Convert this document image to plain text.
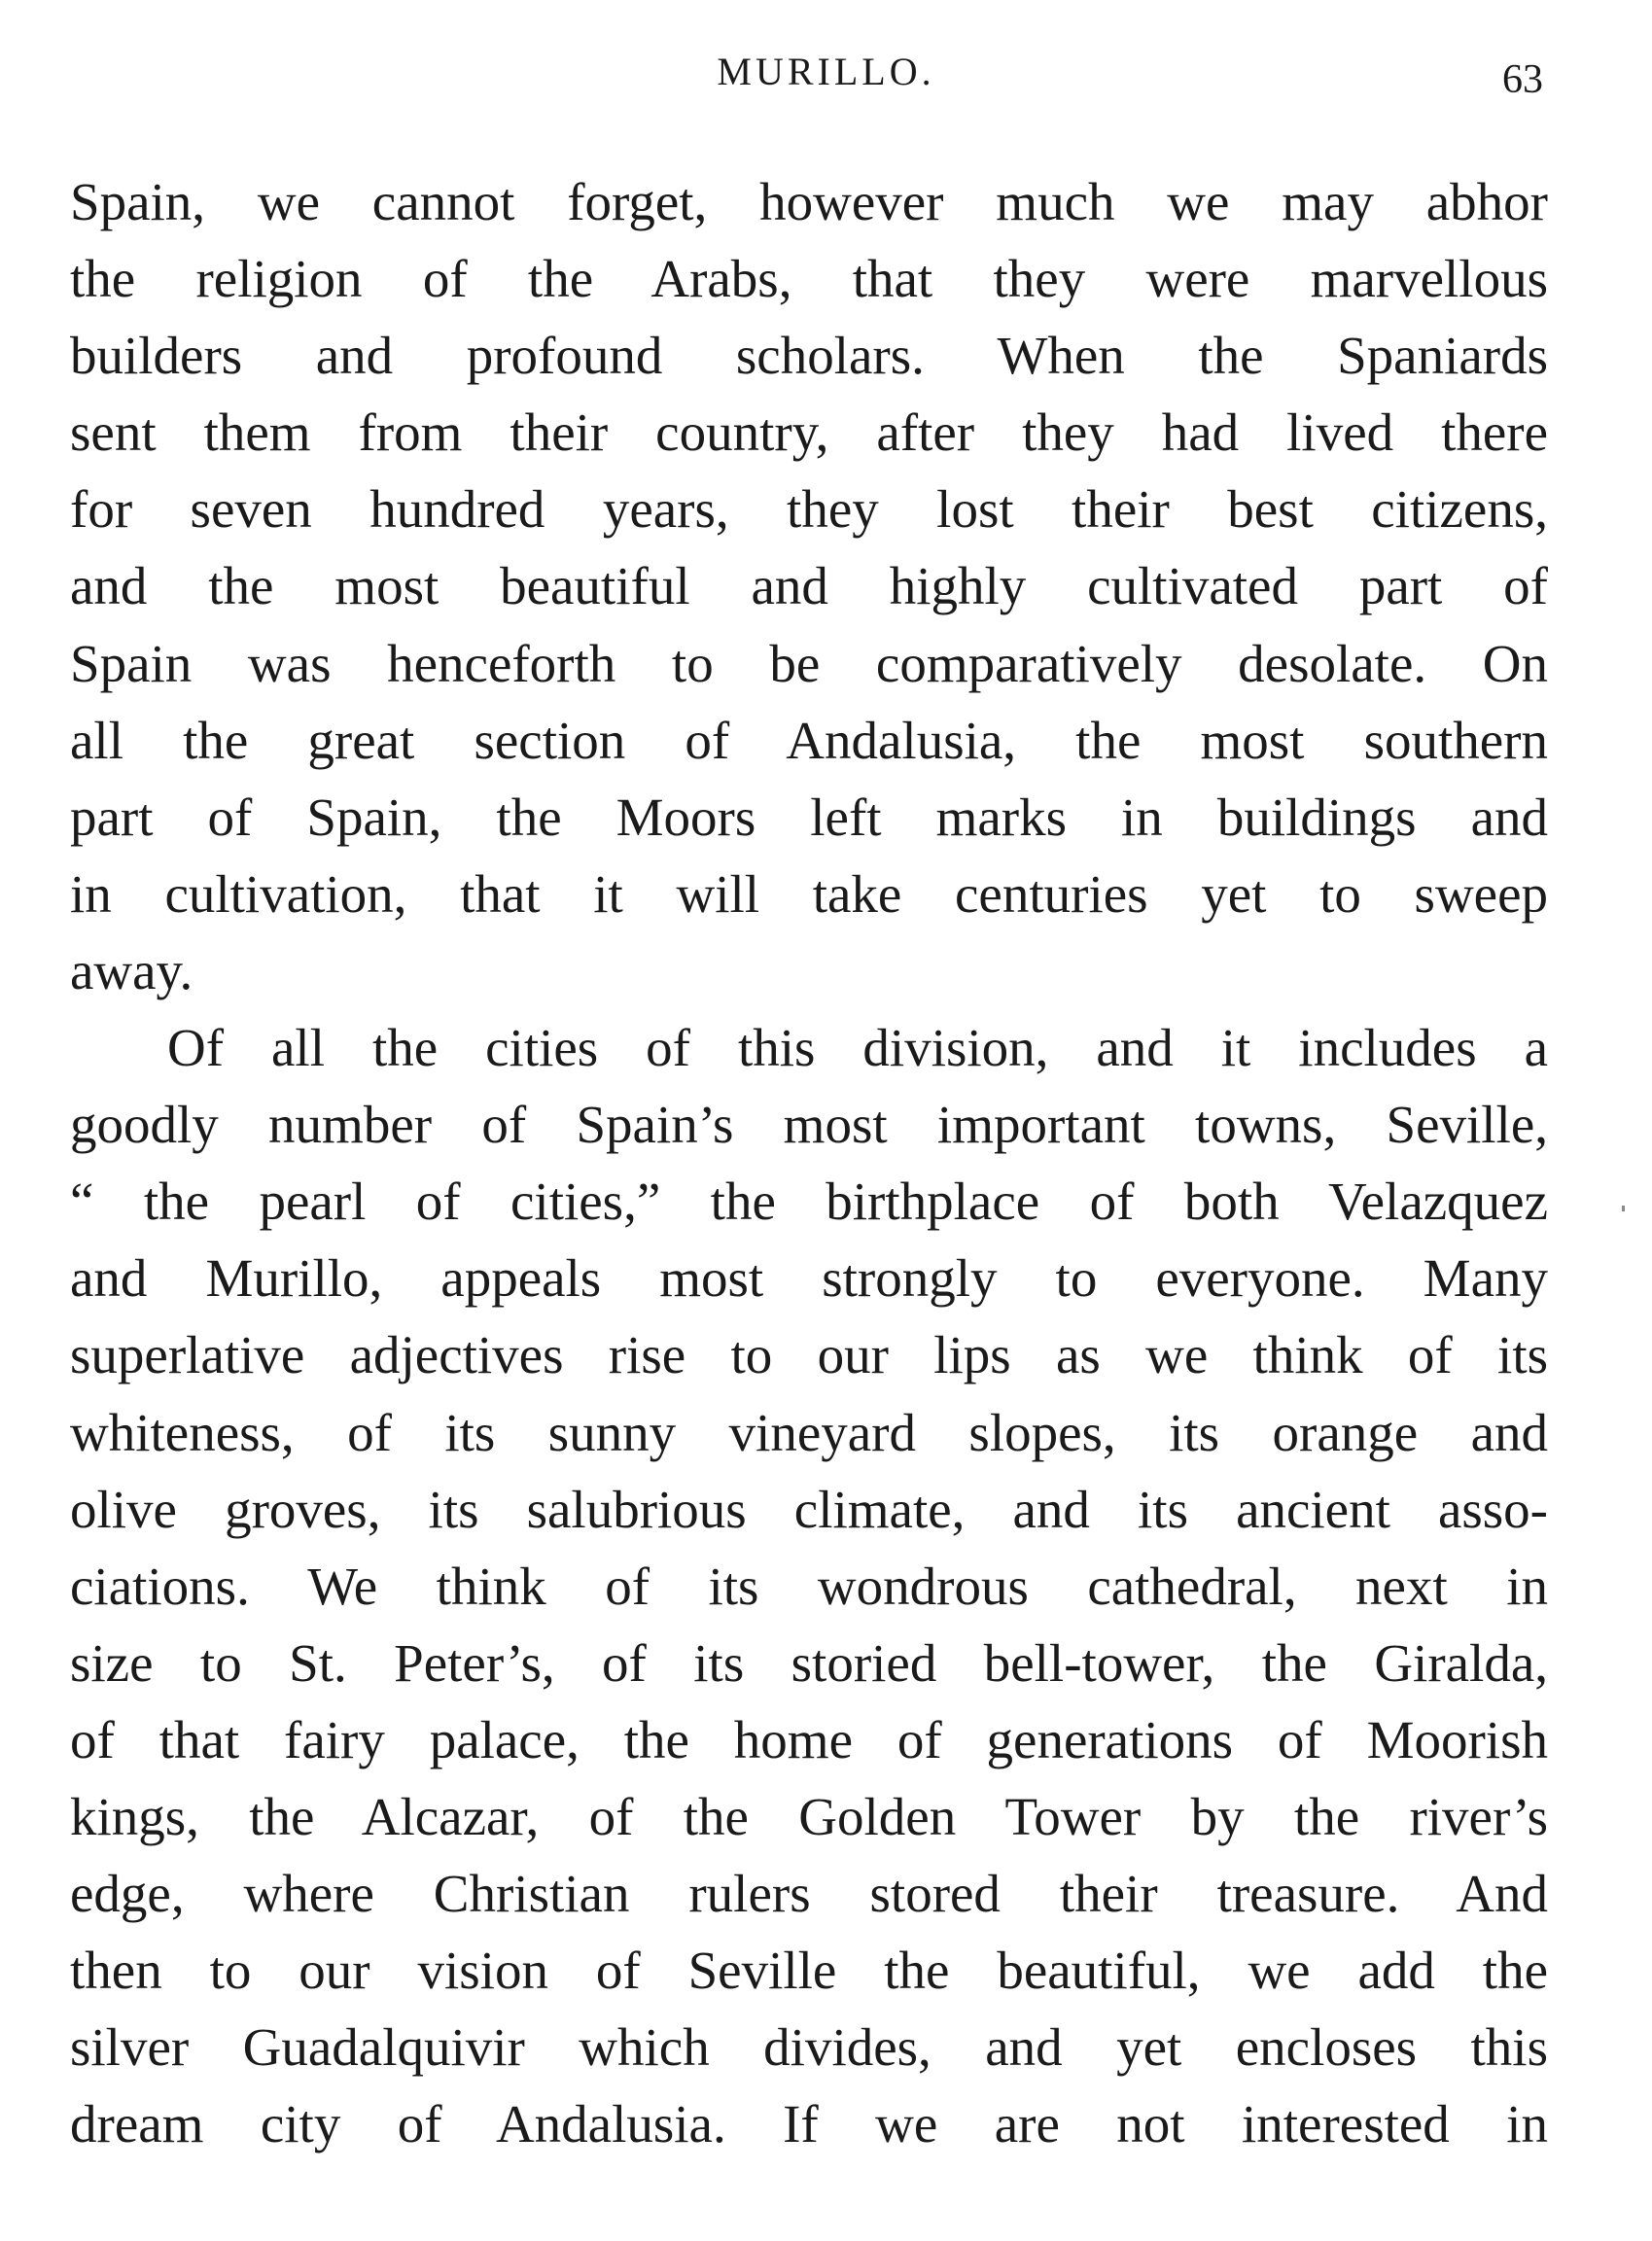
MURILLO.	63
Spain, we cannot forget, however much we may abhor
the religion of the Arabs, that they were marvellous
builders and profound scholars. When the Spaniards
sent them from their country, after they had lived there
for seven hundred years, they lost their best citizens,
and the most beautiful and highly cultivated part of
Spain was henceforth to be comparatively desolate. On
all the great section of Andalusia, the most southern
part of Spain, the Moors left marks in buildings and
in cultivation, that it will take centuries yet to sweep
away.
Of all the cities of this division, and it includes a
goodly number of Spain’s most important towns, Seville,
“ the pearl of cities,” the birthplace of both Velazquez
and Murillo, appeals most strongly to everyone. Many
superlative adjectives rise to our lips as we think of its
whiteness, of its sunny vineyard slopes, its orange and
olive groves, its salubrious climate, and its ancient asso-
ciations. We think of its wondrous cathedral, next in
size to St. Peter’s, of its storied bell-tower, the Giralda,
of that fairy palace, the home of generations of Moorish
kings, the Alcazar, of the Golden Tower by the river’s
edge, where Christian rulers stored their treasure. And
then to our vision of Seville the beautiful, we add the
silver Guadalquivir which divides, and yet encloses this
dream city of Andalusia. If we are not interested in
